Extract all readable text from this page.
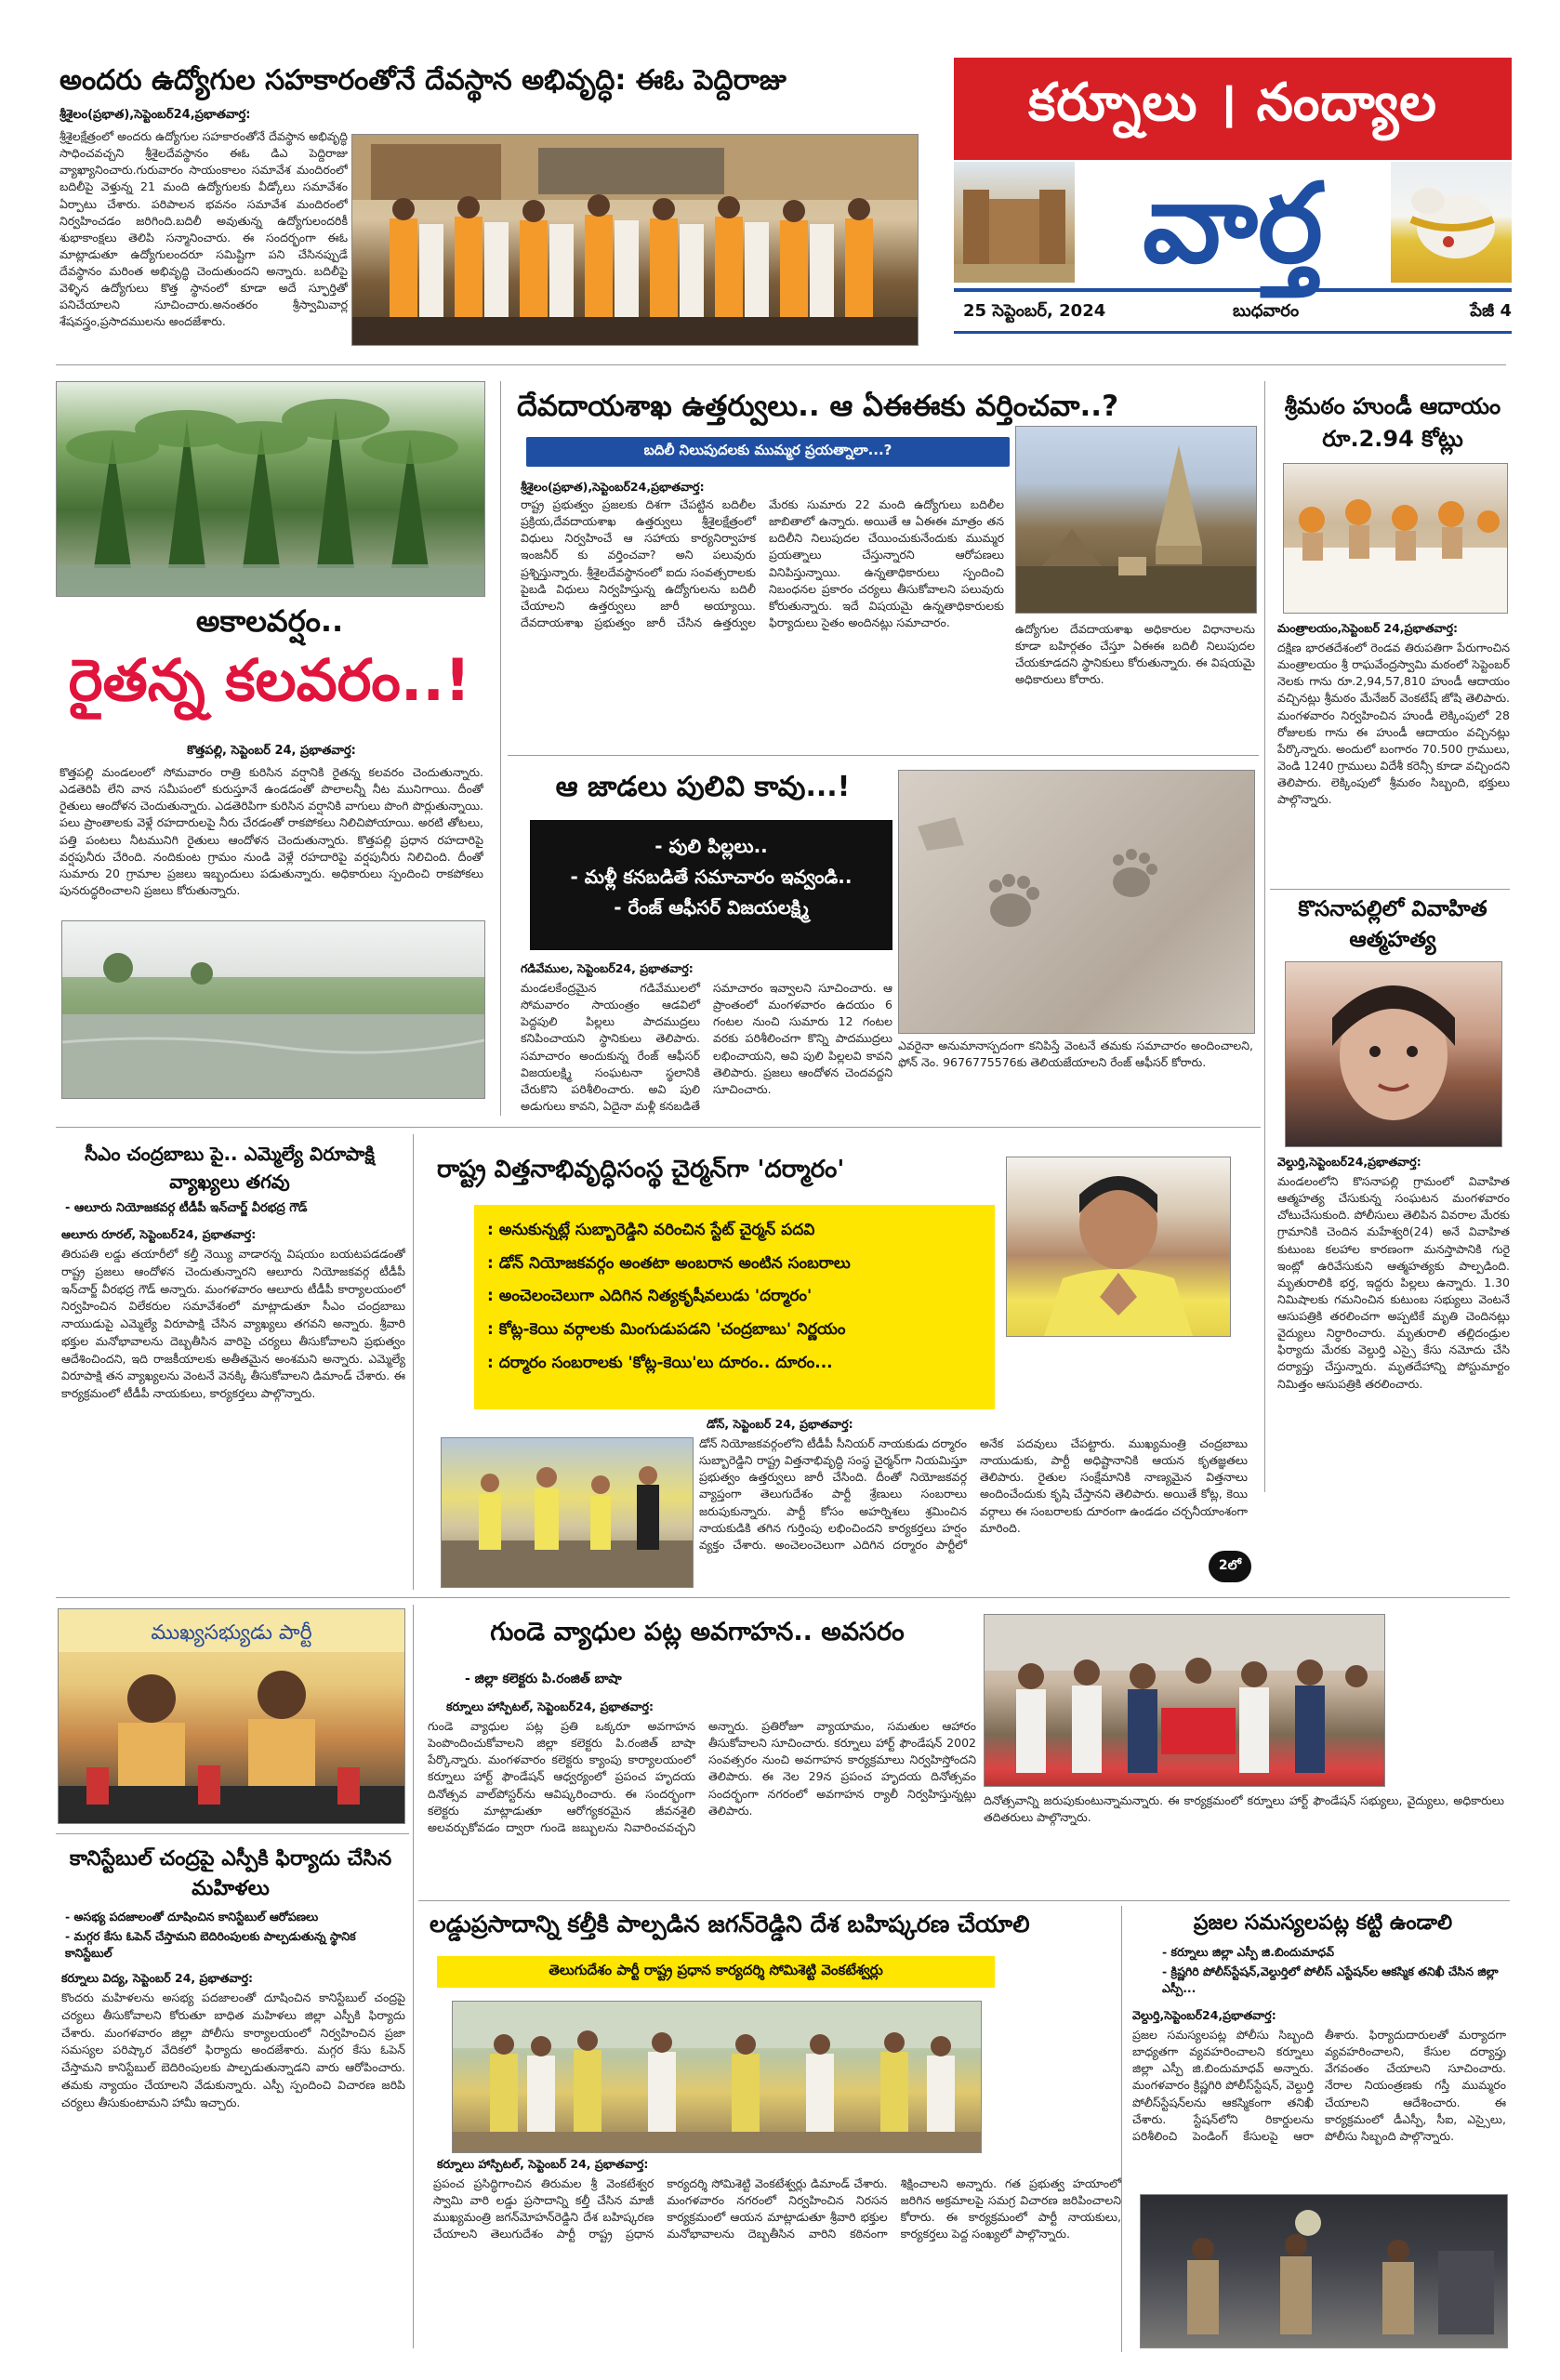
అందరు ఉద్యోగుల సహకారంతోనే దేవస్థాన అభివృద్ధి: ఈఓ పెద్దిరాజు
శ్రీశైలం(ప్రభాత),సెప్టెంబర్24,ప్రభాతవార్త:
శ్రీశైలక్షేత్రంలో అందరు ఉద్యోగుల సహకారంతోనే దేవస్థాన అభివృద్ధి సాధించవచ్చని శ్రీశైలదేవస్థానం ఈఓ డిఎ పెద్దిరాజు వ్యాఖ్యానించారు.గురువారం సాయంకాలం సమావేశ మందిరంలో బదిలీపై వెళ్తున్న 21 మంది ఉద్యోగులకు వీడ్కోలు సమావేశం ఏర్పాటు చేశారు. పరిపాలన భవనం సమావేశ మందిరంలో నిర్వహించడం జరిగింది.బదిలీ అవుతున్న ఉద్యోగులందరికీ శుభాకాంక్షలు తెలిపి సన్మానించారు. ఈ సందర్భంగా ఈఓ మాట్లాడుతూ ఉద్యోగులందరూ సమిష్టిగా పని చేసినప్పుడే దేవస్థానం మరింత అభివృద్ధి చెందుతుందని అన్నారు. బదిలీపై వెళ్ళిన ఉద్యోగులు కొత్త స్థానంలో కూడా అదే స్ఫూర్తితో పనిచేయాలని సూచించారు.అనంతరం శ్రీస్వామివార్ల శేషవస్త్రం,ప్రసాదములను అందజేశారు.
కర్నూలు । నంద్యాల
వార్త
25 సెప్టెంబర్, 2024	బుధవారం	పేజీ 4
అకాలవర్షం..
రైతన్న కలవరం..!
కొత్తపల్లి, సెప్టెంబర్ 24, ప్రభాతవార్త:
కొత్తపల్లి మండలంలో సోమవారం రాత్రి కురిసిన వర్షానికి రైతన్న కలవరం చెందుతున్నారు. ఎడతెరిపి లేని వాన సమీపంలో కురుస్తూనే ఉండడంతో పొలాలన్నీ నీట మునిగాయి. దీంతో రైతులు ఆందోళన చెందుతున్నారు. ఎడతెరిపిగా కురిసిన వర్షానికి వాగులు పొంగి పొర్లుతున్నాయి. పలు ప్రాంతాలకు వెళ్లే రహదారులపై నీరు చేరడంతో రాకపోకలు నిలిచిపోయాయి. అరటి తోటలు, పత్తి పంటలు నీటమునిగి రైతులు ఆందోళన చెందుతున్నారు. కొత్తపల్లి ప్రధాన రహదారిపై వర్షపునీరు చేరింది. నందికుంట గ్రామం నుండి వెళ్లే రహదారిపై వర్షపునీరు నిలిచింది. దీంతో సుమారు 20 గ్రామాల ప్రజలు ఇబ్బందులు పడుతున్నారు. అధికారులు స్పందించి రాకపోకలు పునరుద్ధరించాలని ప్రజలు కోరుతున్నారు.
దేవదాయశాఖ ఉత్తర్వులు.. ఆ ఏఈఈకు వర్తించవా..?
బదిలీ నిలుపుదలకు ముమ్మర ప్రయత్నాలా...?
శ్రీశైలం(ప్రభాత),సెప్టెంబర్24,ప్రభాతవార్త:
రాష్ట్ర ప్రభుత్వం ప్రజలకు దిశగా చేపట్టిన బదిలీల ప్రక్రియ,దేవదాయశాఖ ఉత్తర్వులు శ్రీశైలక్షేత్రంలో విధులు నిర్వహించే ఆ సహాయ కార్యనిర్వాహక ఇంజనీర్ కు వర్తించవా? అని పలువురు ప్రశ్నిస్తున్నారు. శ్రీశైలదేవస్థానంలో ఐదు సంవత్సరాలకు పైబడి విధులు నిర్వహిస్తున్న ఉద్యోగులను బదిలీ చేయాలని ఉత్తర్వులు జారీ అయ్యాయి. దేవదాయశాఖ ప్రభుత్వం జారీ చేసిన ఉత్తర్వుల మేరకు సుమారు 22 మంది ఉద్యోగులు బదిలీల జాబితాలో ఉన్నారు. అయితే ఆ ఏఈఈ మాత్రం తన బదిలీని నిలుపుదల చేయించుకునేందుకు ముమ్మర ప్రయత్నాలు చేస్తున్నారని ఆరోపణలు వినిపిస్తున్నాయి. ఉన్నతాధికారులు స్పందించి నిబంధనల ప్రకారం చర్యలు తీసుకోవాలని పలువురు కోరుతున్నారు. ఇదే విషయమై ఉన్నతాధికారులకు ఫిర్యాదులు సైతం అందినట్లు సమాచారం.	ఉద్యోగుల దేవదాయశాఖ అధికారుల విధానాలను కూడా బహిర్గతం చేస్తూ ఏఈఈ బదిలీ నిలుపుదల చేయకూడదని స్థానికులు కోరుతున్నారు. ఈ విషయమై అధికారులు కోరారు.
శ్రీమఠం హుండీ ఆదాయం రూ.2.94 కోట్లు
మంత్రాలయం,సెప్టెంబర్ 24,ప్రభాతవార్త:
దక్షిణ భారతదేశంలో రెండవ తిరుపతిగా పేరుగాంచిన మంత్రాలయం శ్రీ రాఘవేంద్రస్వామి మఠంలో సెప్టెంబర్ నెలకు గాను రూ.2,94,57,810 హుండీ ఆదాయం వచ్చినట్లు శ్రీమఠం మేనేజర్ వెంకటేష్ జోషి తెలిపారు. మంగళవారం నిర్వహించిన హుండీ లెక్కింపులో 28 రోజులకు గాను ఈ హుండీ ఆదాయం వచ్చినట్లు పేర్కొన్నారు. అందులో బంగారం 70.500 గ్రాములు, వెండి 1240 గ్రాములు విదేశీ కరెన్సీ కూడా వచ్చిందని తెలిపారు. లెక్కింపులో శ్రీమఠం సిబ్బంది, భక్తులు పాల్గొన్నారు.
కొసనాపల్లిలో వివాహిత ఆత్మహత్య
వెల్దుర్తి,సెప్టెంబర్24,ప్రభాతవార్త:
మండలంలోని కొసనాపల్లి గ్రామంలో వివాహిత ఆత్మహత్య చేసుకున్న సంఘటన మంగళవారం చోటుచేసుకుంది. పోలీసులు తెలిపిన వివరాల మేరకు గ్రామానికి చెందిన మహేశ్వరి(24) అనే వివాహిత కుటుంబ కలహాల కారణంగా మనస్తాపానికి గురై ఇంట్లో ఉరివేసుకుని ఆత్మహత్యకు పాల్పడింది. మృతురాలికి భర్త, ఇద్దరు పిల్లలు ఉన్నారు. 1.30 నిమిషాలకు గమనించిన కుటుంబ సభ్యులు వెంటనే ఆసుపత్రికి తరలించగా అప్పటికే మృతి చెందినట్లు వైద్యులు నిర్ధారించారు. మృతురాలి తల్లిదండ్రుల ఫిర్యాదు మేరకు వెల్దుర్తి ఎస్సై కేసు నమోదు చేసి దర్యాప్తు చేస్తున్నారు. మృతదేహాన్ని పోస్టుమార్టం నిమిత్తం ఆసుపత్రికి తరలించారు.
ఆ జాడలు పులివి కావు...!
- పులి పిల్లలు..
- మళ్లీ కనబడితే సమాచారం ఇవ్వండి..
- రేంజ్ ఆఫీసర్ విజయలక్ష్మి
గడివేముల, సెప్టెంబర్24, ప్రభాతవార్త:
మండలకేంద్రమైన గడివేములలో సోమవారం సాయంత్రం ఆడవిలో పెద్దపులి పిల్లలు పాదముద్రలు కనిపించాయని స్థానికులు తెలిపారు. సమాచారం అందుకున్న రేంజ్ ఆఫీసర్ విజయలక్ష్మి సంఘటనా స్థలానికి చేరుకొని పరిశీలించారు. అవి పులి అడుగులు కావని, ఏదైనా మళ్లీ కనబడితే సమాచారం ఇవ్వాలని సూచించారు. ఆ ప్రాంతంలో మంగళవారం ఉదయం 6 గంటల నుంచి సుమారు 12 గంటల వరకు పరిశీలించగా కొన్ని పాదముద్రలు లభించాయని, అవి పులి పిల్లలవి కావని తెలిపారు. ప్రజలు ఆందోళన చెందవద్దని సూచించారు.
ఎవరైనా అనుమానాస్పదంగా కనిపిస్తే వెంటనే తమకు సమాచారం అందించాలని, ఫోన్ నెం. 9676775576కు తెలియజేయాలని రేంజ్ ఆఫీసర్ కోరారు.
సీఎం చంద్రబాబు పై.. ఎమ్మెల్యే విరూపాక్షి వ్యాఖ్యలు తగవు
- ఆలూరు నియోజకవర్గ టీడీపీ ఇన్‌చార్జ్ వీరభద్ర గౌడ్
ఆలూరు రూరల్, సెప్టెంబర్24, ప్రభాతవార్త:
తిరుపతి లడ్డు తయారీలో కల్తీ నెయ్యి వాడారన్న విషయం బయటపడడంతో రాష్ట్ర ప్రజలు ఆందోళన చెందుతున్నారని ఆలూరు నియోజకవర్గ టీడీపీ ఇన్‌చార్జ్ వీరభద్ర గౌడ్ అన్నారు. మంగళవారం ఆలూరు టీడీపీ కార్యాలయంలో నిర్వహించిన విలేకరుల సమావేశంలో మాట్లాడుతూ సీఎం చంద్రబాబు నాయుడుపై ఎమ్మెల్యే విరూపాక్షి చేసిన వ్యాఖ్యలు తగవని అన్నారు. శ్రీవారి భక్తుల మనోభావాలను దెబ్బతీసిన వారిపై చర్యలు తీసుకోవాలని ప్రభుత్వం ఆదేశించిందని, ఇది రాజకీయాలకు అతీతమైన అంశమని అన్నారు. ఎమ్మెల్యే విరూపాక్షి తన వ్యాఖ్యలను వెంటనే వెనక్కి తీసుకోవాలని డిమాండ్ చేశారు. ఈ కార్యక్రమంలో టీడీపీ నాయకులు, కార్యకర్తలు పాల్గొన్నారు.
రాష్ట్ర విత్తనాభివృద్ధిసంస్థ చైర్మన్‌గా 'దర్మారం'
: అనుకున్నట్లే సుబ్బారెడ్డిని వరించిన స్టేట్ చైర్మన్ పదవి
: డోన్ నియోజకవర్గం అంతటా అంబరాన అంటిన సంబరాలు
: అంచెలంచెలుగా ఎదిగిన నిత్యకృషీవలుడు 'దర్మారం'
: కోట్ల-కెయి వర్గాలకు మింగుడుపడని 'చంద్రబాబు' నిర్ణయం
: దర్మారం సంబరాలకు 'కోట్ల-కెయి'లు దూరం.. దూరం...
డోన్, సెప్టెంబర్ 24, ప్రభాతవార్త:
డోన్ నియోజకవర్గంలోని టీడీపీ సీనియర్ నాయకుడు దర్మారం సుబ్బారెడ్డిని రాష్ట్ర విత్తనాభివృద్ధి సంస్థ చైర్మన్‌గా నియమిస్తూ ప్రభుత్వం ఉత్తర్వులు జారీ చేసింది. దీంతో నియోజకవర్గ వ్యాప్తంగా తెలుగుదేశం పార్టీ శ్రేణులు సంబరాలు జరుపుకున్నారు. పార్టీ కోసం అహర్నిశలు శ్రమించిన నాయకుడికి తగిన గుర్తింపు లభించిందని కార్యకర్తలు హర్షం వ్యక్తం చేశారు. అంచెలంచెలుగా ఎదిగిన దర్మారం పార్టీలో అనేక పదవులు చేపట్టారు. ముఖ్యమంత్రి చంద్రబాబు నాయుడుకు, పార్టీ అధిష్టానానికి ఆయన కృతజ్ఞతలు తెలిపారు. రైతుల సంక్షేమానికి నాణ్యమైన విత్తనాలు అందించేందుకు కృషి చేస్తానని తెలిపారు. అయితే కోట్ల, కెయి వర్గాలు ఈ సంబరాలకు దూరంగా ఉండడం చర్చనీయాంశంగా మారింది.
2లో
ముఖ్యసభ్యుడు పార్టీ
కానిస్టేబుల్ చంద్రపై ఎస్పీకి ఫిర్యాదు చేసిన మహిళలు
- అసభ్య పదజాలంతో దూషించిన కానిస్టేబుల్ ఆరోపణలు
- మగ్గర కేసు ఓపెన్ చేస్తామని బెదిరింపులకు పాల్పడుతున్న స్థానిక కానిస్టేబుల్
కర్నూలు విద్య, సెప్టెంబర్ 24, ప్రభాతవార్త:
కొందరు మహిళలను అసభ్య పదజాలంతో దూషించిన కానిస్టేబుల్ చంద్రపై చర్యలు తీసుకోవాలని కోరుతూ బాధిత మహిళలు జిల్లా ఎస్పీకి ఫిర్యాదు చేశారు. మంగళవారం జిల్లా పోలీసు కార్యాలయంలో నిర్వహించిన ప్రజా సమస్యల పరిష్కార వేదికలో ఫిర్యాదు అందజేశారు. మగ్గర కేసు ఓపెన్ చేస్తామని కానిస్టేబుల్ బెదిరింపులకు పాల్పడుతున్నాడని వారు ఆరోపించారు. తమకు న్యాయం చేయాలని వేడుకున్నారు. ఎస్పీ స్పందించి విచారణ జరిపి చర్యలు తీసుకుంటామని హామీ ఇచ్చారు.
గుండె వ్యాధుల పట్ల అవగాహన.. అవసరం
- జిల్లా కలెక్టరు పి.రంజిత్ బాషా
కర్నూలు హాస్పిటల్, సెప్టెంబర్24, ప్రభాతవార్త:
గుండె వ్యాధుల పట్ల ప్రతి ఒక్కరూ అవగాహన పెంపొందించుకోవాలని జిల్లా కలెక్టరు పి.రంజిత్ బాషా పేర్కొన్నారు. మంగళవారం కలెక్టరు క్యాంపు కార్యాలయంలో కర్నూలు హార్ట్ ఫౌండేషన్ ఆధ్వర్యంలో ప్రపంచ హృదయ దినోత్సవ వాల్‌పోస్టర్‌ను ఆవిష్కరించారు. ఈ సందర్భంగా కలెక్టరు మాట్లాడుతూ ఆరోగ్యకరమైన జీవనశైలి అలవర్చుకోవడం ద్వారా గుండె జబ్బులను నివారించవచ్చని అన్నారు. ప్రతిరోజూ వ్యాయామం, సమతుల ఆహారం తీసుకోవాలని సూచించారు. కర్నూలు హార్ట్ ఫౌండేషన్ 2002 సంవత్సరం నుంచి అవగాహన కార్యక్రమాలు నిర్వహిస్తోందని తెలిపారు. ఈ నెల 29న ప్రపంచ హృదయ దినోత్సవం సందర్భంగా నగరంలో అవగాహన ర్యాలీ నిర్వహిస్తున్నట్లు తెలిపారు.
దినోత్సవాన్ని జరుపుకుంటున్నామన్నారు. ఈ కార్యక్రమంలో కర్నూలు హార్ట్ ఫౌండేషన్ సభ్యులు, వైద్యులు, అధికారులు తదితరులు పాల్గొన్నారు.
లడ్డుప్రసాదాన్ని కల్తీకి పాల్పడిన జగన్‌రెడ్డిని దేశ బహిష్కరణ చేయాలి
తెలుగుదేశం పార్టీ రాష్ట్ర ప్రధాన కార్యదర్శి సోమిశెట్టి వెంకటేశ్వర్లు
కర్నూలు హాస్పిటల్, సెప్టెంబర్ 24, ప్రభాతవార్త:
ప్రపంచ ప్రసిద్ధిగాంచిన తిరుమల శ్రీ వెంకటేశ్వర స్వామి వారి లడ్డు ప్రసాదాన్ని కల్తీ చేసిన మాజీ ముఖ్యమంత్రి జగన్‌మోహన్‌రెడ్డిని దేశ బహిష్కరణ చేయాలని తెలుగుదేశం పార్టీ రాష్ట్ర ప్రధాన కార్యదర్శి సోమిశెట్టి వెంకటేశ్వర్లు డిమాండ్ చేశారు. మంగళవారం నగరంలో నిర్వహించిన నిరసన కార్యక్రమంలో ఆయన మాట్లాడుతూ శ్రీవారి భక్తుల మనోభావాలను దెబ్బతీసిన వారిని కఠినంగా శిక్షించాలని అన్నారు. గత ప్రభుత్వ హయాంలో జరిగిన అక్రమాలపై సమగ్ర విచారణ జరిపించాలని కోరారు. ఈ కార్యక్రమంలో పార్టీ నాయకులు, కార్యకర్తలు పెద్ద సంఖ్యలో పాల్గొన్నారు.
ప్రజల సమస్యలపట్ల కట్టి ఉండాలి
- కర్నూలు జిల్లా ఎస్పీ జి.బిందుమాధవ్
- క్రిష్ణగిరి పోలీస్‌స్టేషన్,వెల్దుర్తిలో పోలీస్ ఎస్టేషన్‌ల ఆకస్మిక తనిఖీ చేసిన జిల్లా ఎస్పీ...
వెల్దుర్తి,సెప్టెంబర్24,ప్రభాతవార్త:
ప్రజల సమస్యలపట్ల పోలీసు సిబ్బంది బాధ్యతగా వ్యవహరించాలని కర్నూలు జిల్లా ఎస్పీ జి.బిందుమాధవ్ అన్నారు. మంగళవారం క్రిష్ణగిరి పోలీస్‌స్టేషన్, వెల్దుర్తి పోలీస్‌స్టేషన్‌లను ఆకస్మికంగా తనిఖీ చేశారు. స్టేషన్‌లోని రికార్డులను పరిశీలించి పెండింగ్ కేసులపై ఆరా తీశారు. ఫిర్యాదుదారులతో మర్యాదగా వ్యవహరించాలని, కేసుల దర్యాప్తు వేగవంతం చేయాలని సూచించారు. నేరాల నియంత్రణకు గస్తీ ముమ్మరం చేయాలని ఆదేశించారు. ఈ కార్యక్రమంలో డీఎస్పీ, సీఐ, ఎస్సైలు, పోలీసు సిబ్బంది పాల్గొన్నారు.
